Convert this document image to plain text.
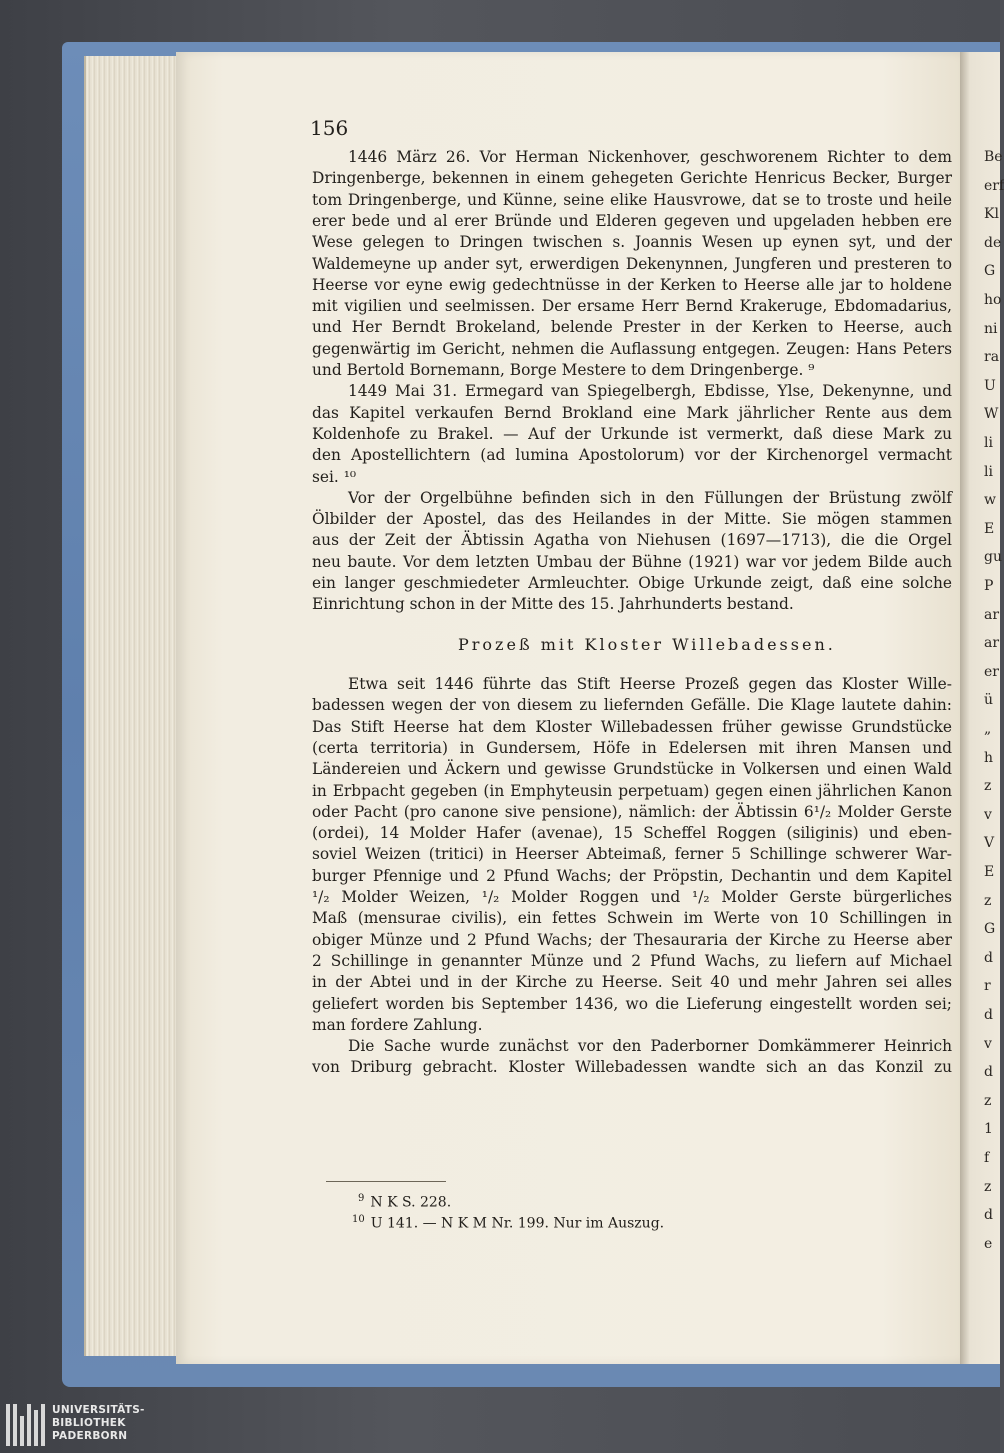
Be
erf
Kl
de
G
ho
ni
ra
U
W
li
li
w
E
gu
P
ar
ar
er
ü
„
h
z
v
V
E
z
G
d
r
d
v
d
z
1
f
z
d
e
156
1446 März 26. Vor Herman Nickenhover, geschworenem Richter to dem
Dringenberge, bekennen in einem gehegeten Gerichte Henricus Becker, Burger
tom Dringenberge, und Künne, seine elike Hausvrowe, dat se to troste und heile
erer bede und al erer Bründe und Elderen gegeven und upgeladen hebben ere
Wese gelegen to Dringen twischen s. Joannis Wesen up eynen syt, und der
Waldemeyne up ander syt, erwerdigen Dekenynnen, Jungferen und presteren to
Heerse vor eyne ewig gedechtnüsse in der Kerken to Heerse alle jar to holdene
mit vigilien und seelmissen. Der ersame Herr Bernd Krakeruge, Ebdomadarius,
und Her Berndt Brokeland, belende Prester in der Kerken to Heerse, auch
gegenwärtig im Gericht, nehmen die Auflassung entgegen. Zeugen: Hans Peters
und Bertold Bornemann, Borge Mestere to dem Dringenberge. ⁹
1449 Mai 31. Ermegard van Spiegelbergh, Ebdisse, Ylse, Dekenynne, und
das Kapitel verkaufen Bernd Brokland eine Mark jährlicher Rente aus dem
Koldenhofe zu Brakel. — Auf der Urkunde ist vermerkt, daß diese Mark zu
den Apostellichtern (ad lumina Apostolorum) vor der Kirchenorgel vermacht
sei. ¹⁰
Vor der Orgelbühne befinden sich in den Füllungen der Brüstung zwölf
Ölbilder der Apostel, das des Heilandes in der Mitte. Sie mögen stammen
aus der Zeit der Äbtissin Agatha von Niehusen (1697—1713), die die Orgel
neu baute. Vor dem letzten Umbau der Bühne (1921) war vor jedem Bilde auch
ein langer geschmiedeter Armleuchter. Obige Urkunde zeigt, daß eine solche
Einrichtung schon in der Mitte des 15. Jahrhunderts bestand.
Prozeß mit Kloster Willebadessen.
Etwa seit 1446 führte das Stift Heerse Prozeß gegen das Kloster Wille-
badessen wegen der von diesem zu liefernden Gefälle. Die Klage lautete dahin:
Das Stift Heerse hat dem Kloster Willebadessen früher gewisse Grundstücke
(certa territoria) in Gundersem, Höfe in Edelersen mit ihren Mansen und
Ländereien und Äckern und gewisse Grundstücke in Volkersen und einen Wald
in Erbpacht gegeben (in Emphyteusin perpetuam) gegen einen jährlichen Kanon
oder Pacht (pro canone sive pensione), nämlich: der Äbtissin 6¹/₂ Molder Gerste
(ordei), 14 Molder Hafer (avenae), 15 Scheffel Roggen (siliginis) und eben-
soviel Weizen (tritici) in Heerser Abteimaß, ferner 5 Schillinge schwerer War-
burger Pfennige und 2 Pfund Wachs; der Pröpstin, Dechantin und dem Kapitel
¹/₂ Molder Weizen, ¹/₂ Molder Roggen und ¹/₂ Molder Gerste bürgerliches
Maß (mensurae civilis), ein fettes Schwein im Werte von 10 Schillingen in
obiger Münze und 2 Pfund Wachs; der Thesauraria der Kirche zu Heerse aber
2 Schillinge in genannter Münze und 2 Pfund Wachs, zu liefern auf Michael
in der Abtei und in der Kirche zu Heerse. Seit 40 und mehr Jahren sei alles
geliefert worden bis September 1436, wo die Lieferung eingestellt worden sei;
man fordere Zahlung.
Die Sache wurde zunächst vor den Paderborner Domkämmerer Heinrich
von Driburg gebracht. Kloster Willebadessen wandte sich an das Konzil zu
$^9$ N K S. 228.
$^{10}$ U 141. — N K M Nr. 199. Nur im Auszug.
UNIVERSITÄTS-
BIBLIOTHEK
PADERBORN
